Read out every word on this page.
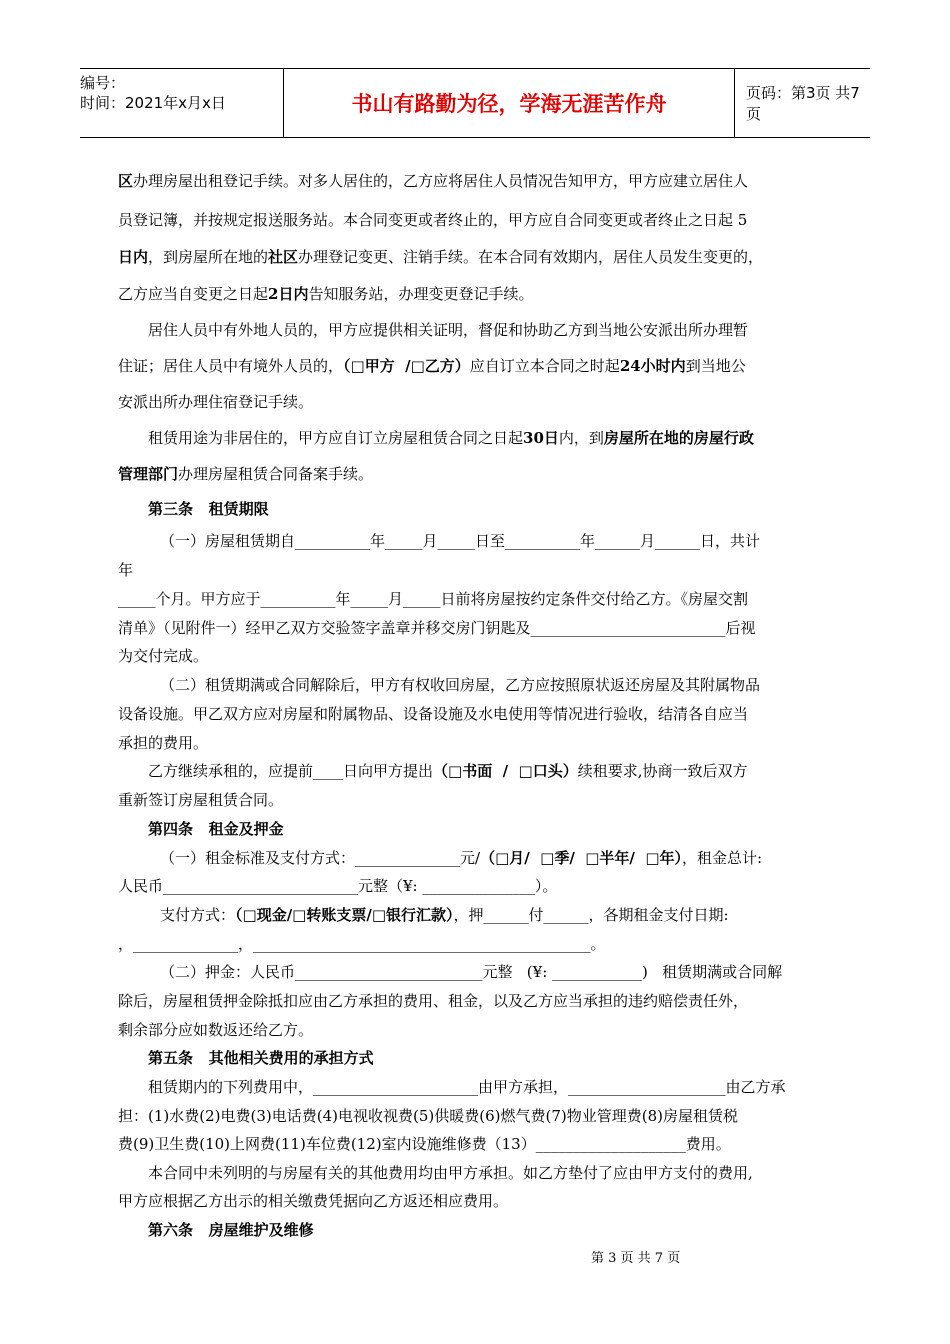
编号：
时间：2021年x月x日	书山有路勤为径，学海无涯苦作舟	页码：第3页 共7页
区办理房屋出租登记手续。对多人居住的，乙方应将居住人员情况告知甲方，甲方应建立居住人
员登记簿，并按规定报送服务站。本合同变更或者终止的，甲方应自合同变更或者终止之日起 5
日内，到房屋所在地的社区办理登记变更、注销手续。在本合同有效期内，居住人员发生变更的，
乙方应当自变更之日起2日内告知服务站，办理变更登记手续。
居住人员中有外地人员的，甲方应提供相关证明，督促和协助乙方到当地公安派出所办理暂
住证；居住人员中有境外人员的，（□甲方  /□乙方）应自订立本合同之时起24小时内到当地公
安派出所办理住宿登记手续。
租赁用途为非居住的，甲方应自订立房屋租赁合同之日起30日内，到房屋所在地的房屋行政
管理部门办理房屋租赁合同备案手续。
第三条   租赁期限
（一）房屋租赁期自__________年_____月_____日至__________年______月______日，共计
年
_____个月。甲方应于__________年_____月_____日前将房屋按约定条件交付给乙方。《房屋交割
清单》（见附件一）经甲乙双方交验签字盖章并移交房门钥匙及__________________________后视
为交付完成。
（二）租赁期满或合同解除后，甲方有权收回房屋，乙方应按照原状返还房屋及其附属物品
设备设施。甲乙双方应对房屋和附属物品、设备设施及水电使用等情况进行验收，结清各自应当
承担的费用。
乙方继续承租的，应提前____日向甲方提出（□书面  /  □口头）续租要求,协商一致后双方
重新签订房屋租赁合同。
第四条   租金及押金
（一）租金标准及支付方式：______________元/（□月/  □季/  □半年/  □年），租金总计:
人民币__________________________元整（¥: _______________）。
支付方式：（□现金/□转账支票/□银行汇款），押______付______，各期租金支付日期:
，______________，_____________________________________________。
（二）押金：人民币_________________________元整   (¥: ____________)   租赁期满或合同解
除后，房屋租赁押金除抵扣应由乙方承担的费用、租金，以及乙方应当承担的违约赔偿责任外，
剩余部分应如数返还给乙方。
第五条   其他相关费用的承担方式
租赁期内的下列费用中，______________________由甲方承担，_____________________由乙方承
担：(1)水费(2)电费(3)电话费(4)电视收视费(5)供暖费(6)燃气费(7)物业管理费(8)房屋租赁税
费(9)卫生费(10)上网费(11)车位费(12)室内设施维修费（13）____________________费用。
本合同中未列明的与房屋有关的其他费用均由甲方承担。如乙方垫付了应由甲方支付的费用,
甲方应根据乙方出示的相关缴费凭据向乙方返还相应费用。
第六条   房屋维护及维修
第 3 页 共 7 页
